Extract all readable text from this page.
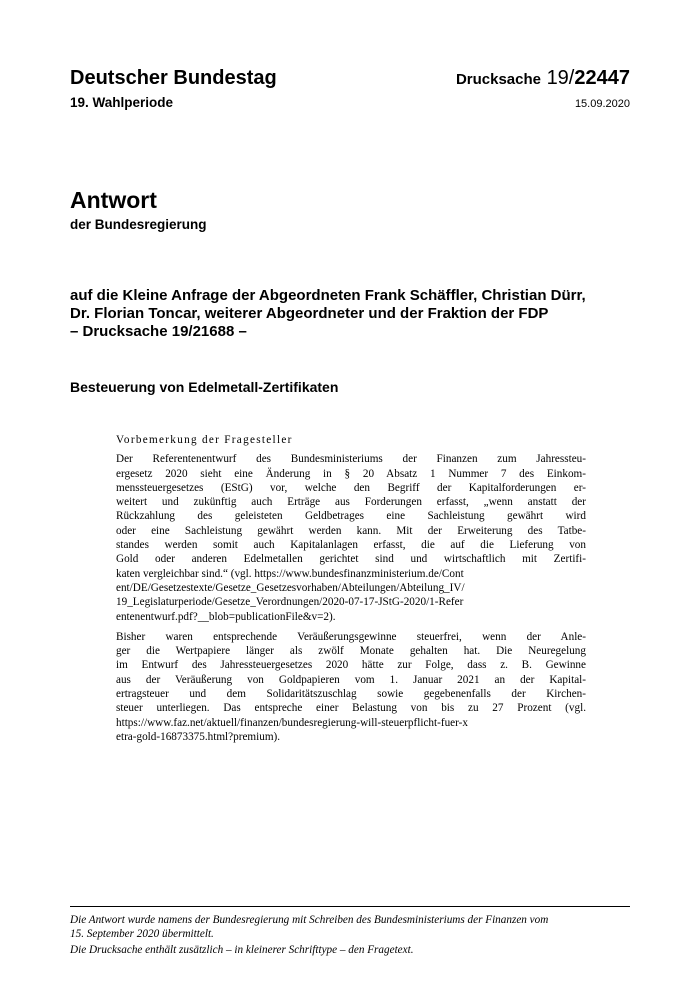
Deutscher Bundestag
19. Wahlperiode
Drucksache 19/22447
15.09.2020
Antwort
der Bundesregierung
auf die Kleine Anfrage der Abgeordneten Frank Schäffler, Christian Dürr,
Dr. Florian Toncar, weiterer Abgeordneter und der Fraktion der FDP
– Drucksache 19/21688 –
Besteuerung von Edelmetall-Zertifikaten
Vorbemerkung der Fragesteller
Der Referentenentwurf des Bundesministeriums der Finanzen zum Jahressteu-
ergesetz 2020 sieht eine Änderung in § 20 Absatz 1 Nummer 7 des Einkom-
menssteuergesetzes (EStG) vor, welche den Begriff der Kapitalforderungen er-
weitert und zukünftig auch Erträge aus Forderungen erfasst, „wenn anstatt der
Rückzahlung des geleisteten Geldbetrages eine Sachleistung gewährt wird
oder eine Sachleistung gewährt werden kann. Mit der Erweiterung des Tatbe-
standes werden somit auch Kapitalanlagen erfasst, die auf die Lieferung von
Gold oder anderen Edelmetallen gerichtet sind und wirtschaftlich mit Zertifi-
katen vergleichbar sind.“ (vgl. https://www.bundesfinanzministerium.de/Cont
ent/DE/Gesetzestexte/Gesetze_Gesetzesvorhaben/Abteilungen/Abteilung_IV/
19_Legislaturperiode/Gesetze_Verordnungen/2020-07-17-JStG-2020/1-Refer
entenentwurf.pdf?__blob=publicationFile&v=2).
Bisher waren entsprechende Veräußerungsgewinne steuerfrei, wenn der Anle-
ger die Wertpapiere länger als zwölf Monate gehalten hat. Die Neuregelung
im Entwurf des Jahressteuergesetzes 2020 hätte zur Folge, dass z. B. Gewinne
aus der Veräußerung von Goldpapieren vom 1. Januar 2021 an der Kapital-
ertragsteuer und dem Solidaritätszuschlag sowie gegebenenfalls der Kirchen-
steuer unterliegen. Das entspreche einer Belastung von bis zu 27 Prozent (vgl.
https://www.faz.net/aktuell/finanzen/bundesregierung-will-steuerpflicht-fuer-x
etra-gold-16873375.html?premium).
Die Antwort wurde namens der Bundesregierung mit Schreiben des Bundesministeriums der Finanzen vom
15. September 2020 übermittelt.
Die Drucksache enthält zusätzlich – in kleinerer Schrifttype – den Fragetext.
